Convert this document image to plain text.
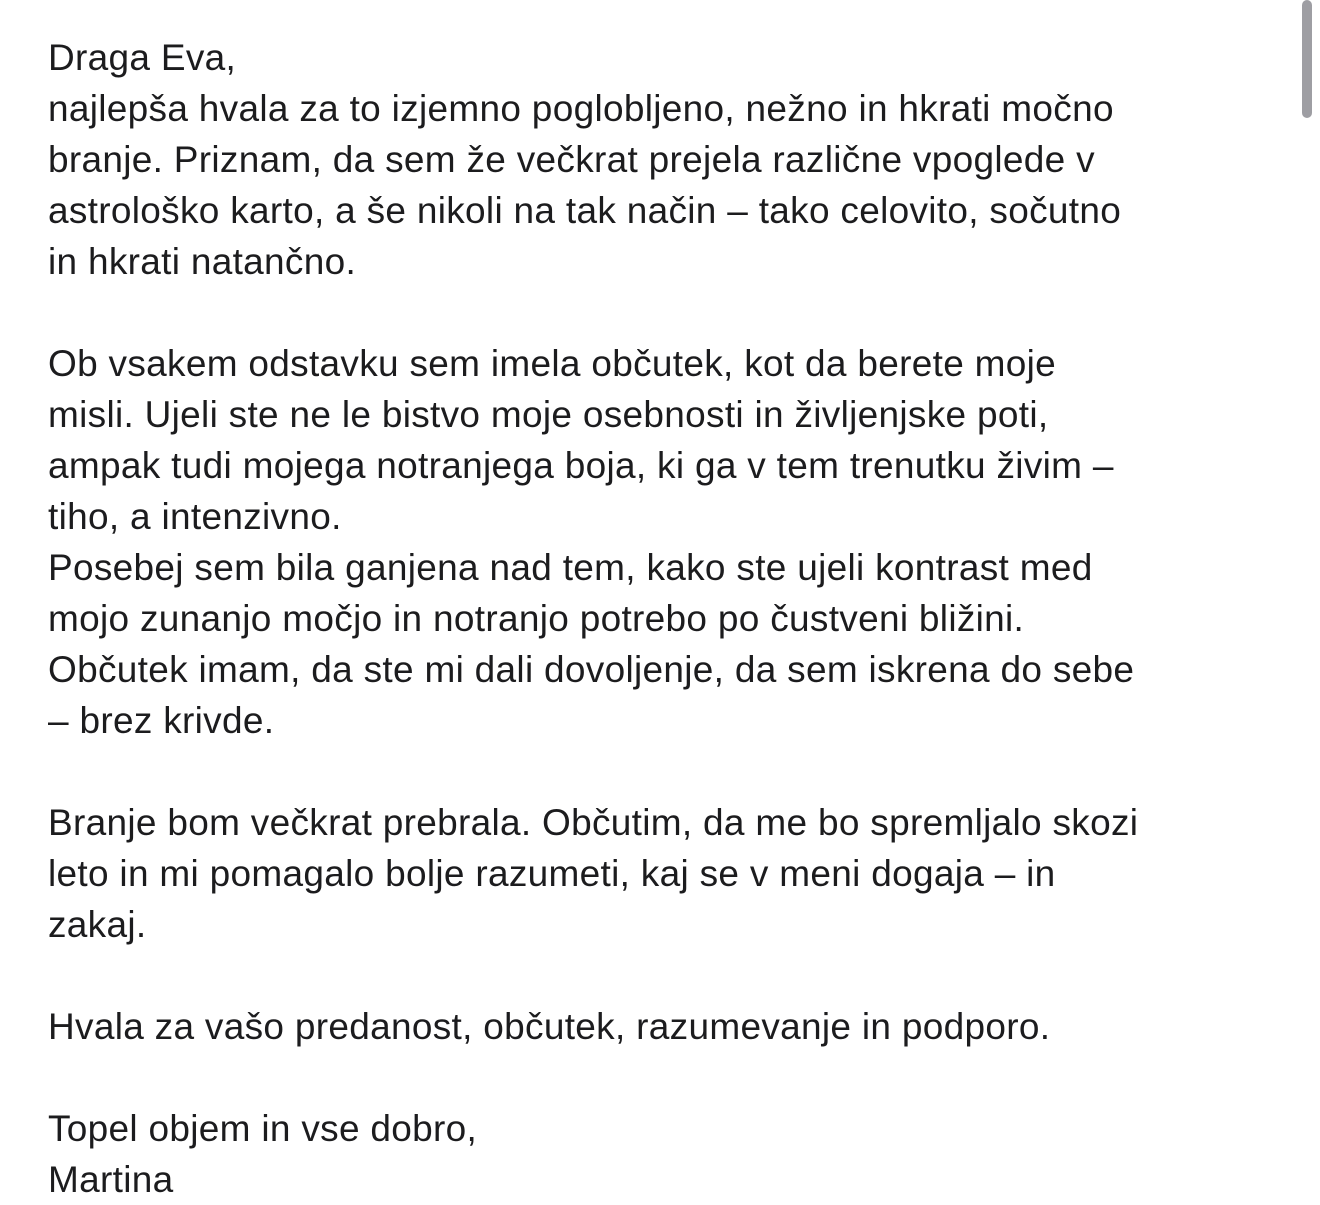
Draga Eva,
najlepša hvala za to izjemno poglobljeno, nežno in hkrati močno
branje. Priznam, da sem že večkrat prejela različne vpoglede v
astrološko karto, a še nikoli na tak način – tako celovito, sočutno
in hkrati natančno.
Ob vsakem odstavku sem imela občutek, kot da berete moje
misli. Ujeli ste ne le bistvo moje osebnosti in življenjske poti,
ampak tudi mojega notranjega boja, ki ga v tem trenutku živim –
tiho, a intenzivno.
Posebej sem bila ganjena nad tem, kako ste ujeli kontrast med
mojo zunanjo močjo in notranjo potrebo po čustveni bližini.
Občutek imam, da ste mi dali dovoljenje, da sem iskrena do sebe
– brez krivde.
Branje bom večkrat prebrala. Občutim, da me bo spremljalo skozi
leto in mi pomagalo bolje razumeti, kaj se v meni dogaja – in
zakaj.
Hvala za vašo predanost, občutek, razumevanje in podporo.
Topel objem in vse dobro,
Martina
